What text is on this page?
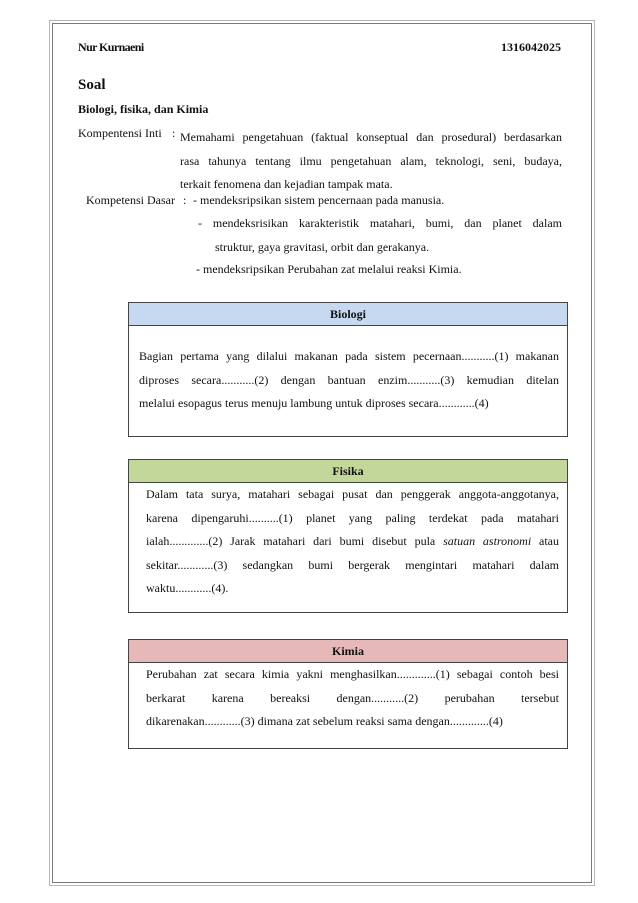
Nur Kurnaeni	1316042025
Soal
Biologi, fisika, dan Kimia
Kompentensi Inti : Memahami pengetahuan (faktual konseptual dan prosedural) berdasarkan
rasa tahunya tentang ilmu pengetahuan alam, teknologi, seni, budaya,
terkait fenomena dan kejadian tampak mata.
Kompetensi Dasar : - mendeksripsikan sistem pencernaan pada manusia.
- mendeksrisikan karakteristik matahari, bumi, dan planet dalam
struktur, gaya gravitasi, orbit dan gerakanya.
- mendeksripsikan Perubahan zat melalui reaksi Kimia.
Biologi
Bagian pertama yang dilalui makanan pada sistem pecernaan...........(1) makanan
diproses secara...........(2) dengan bantuan enzim...........(3) kemudian ditelan
melalui esopagus terus menuju lambung untuk diproses secara............(4)
Fisika
Dalam tata surya, matahari sebagai pusat dan penggerak anggota-anggotanya,
karena dipengaruhi..........(1) planet yang paling terdekat pada matahari
ialah.............(2) Jarak matahari dari bumi disebut pula satuan astronomi atau
sekitar............(3) sedangkan bumi bergerak mengintari matahari dalam
waktu............(4).
Kimia
Perubahan zat secara kimia yakni menghasilkan.............(1) sebagai contoh besi
berkarat karena bereaksi dengan...........(2) perubahan tersebut
dikarenakan............(3) dimana zat sebelum reaksi sama dengan.............(4)
